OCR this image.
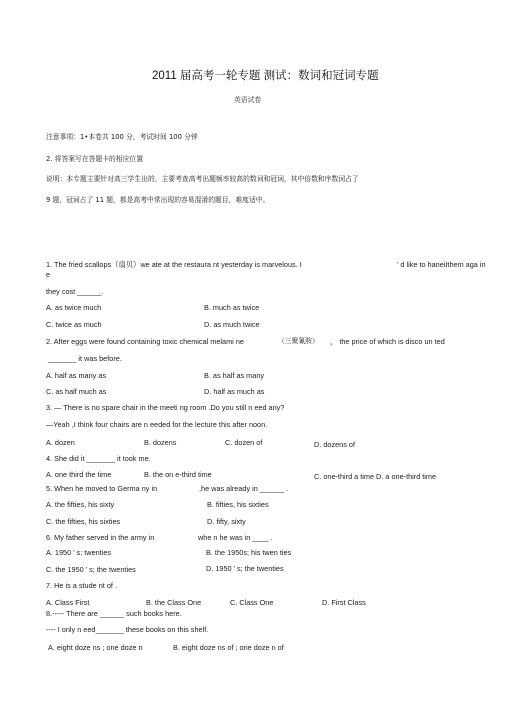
2011 届高考一轮专题 测试：数词和冠词专题
英语试卷
注意事项：1•本卷共 100 分，考试时间 100 分钟
2. 将答案写在答题卡的相应位置
说明：本专题主要针对高三学生出的，主要考查高考出题频率较高的数词和冠词，其中倍数和序数词占了
9 题，冠词占了 11 题，都是高考中常出现的容易混淆的题目，难度适中。
1. The fried scallops（扇贝）we ate at the restaura nt yesterday is marvelous. I	’ d like to haneiIthem aga in
e
they cost ______.
A. as twice much	B. much as twice
C. twice as much	D. as much twice
2. After eggs were found containing toxic chemical melami ne	（三聚氰胺） ， the price of which is disco un ted
_______ it was before.
A. half as many as	B. as half as many
C. as half much as	D. half as much as
3. — There is no spare chair in the meeti ng room .Do you still n eed any?
—Yeah ,I think four chairs are n eeded for the lecture this after noon.
A. dozen	B. dozens	C. dozen of	D. dozens of
4. She did it _______ it took me.
A. one third the time	B. the on e-third time	C. one-third a time D. a one-third time
5. When he moved to Germa ny in	,he was already in ______ .
A. the fifties, his sixty	B. fifties, his sixties
C. the fifties, his sixties	D. fifty, sixty
6. My father served in the army in	whe n he was in ____ .
A. 1950 ’ s; twenties	B. the 1950s; his twen ties
C. the 1950 ’ s; the twenties	D. 1950 ’ s; the twenties
7. He is a stude nt of .
A. Class First	B. the Class One	C. Class One	D. First Class
8.----- There are ______ such books here.
---- I only n eed_______ these books on this shelf.
A. eight doze ns ; one doze n	B. eight doze ns of ; one doze n of
